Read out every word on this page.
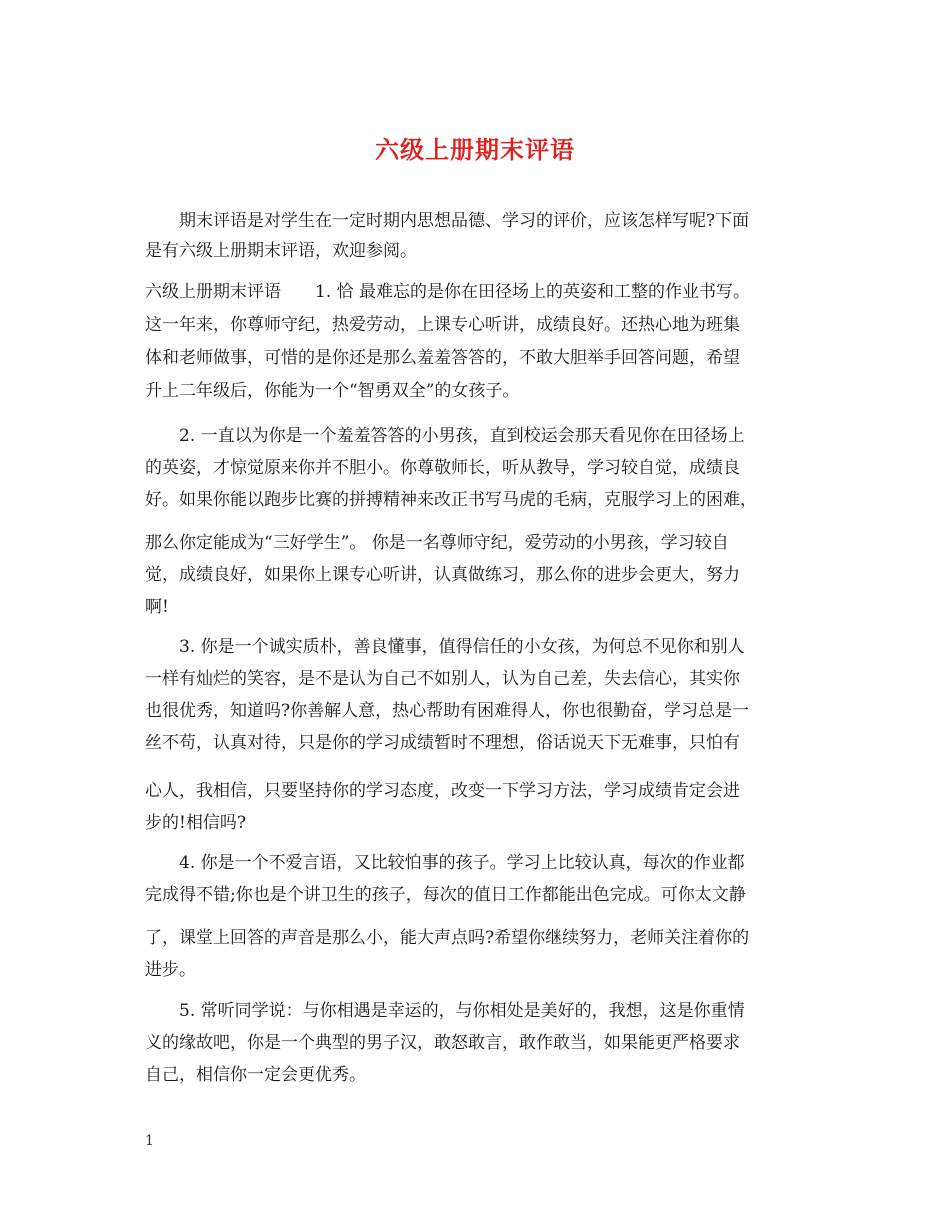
六级上册期末评语
　　期末评语是对学生在一定时期内思想品德、学习的评价，应该怎样写呢?下面
是有六级上册期末评语，欢迎参阅。
六级上册期末评语　　1. 恰 最难忘的是你在田径场上的英姿和工整的作业书写。
这一年来，你尊师守纪，热爱劳动，上课专心听讲，成绩良好。还热心地为班集
体和老师做事，可惜的是你还是那么羞羞答答的，不敢大胆举手回答问题，希望
升上二年级后，你能为一个“智勇双全”的女孩子。
　　2. 一直以为你是一个羞羞答答的小男孩，直到校运会那天看见你在田径场上
的英姿，才惊觉原来你并不胆小。你尊敬师长，听从教导，学习较自觉，成绩良
好。如果你能以跑步比赛的拼搏精神来改正书写马虎的毛病，克服学习上的困难，
那么你定能成为“三好学生”。 你是一名尊师守纪，爱劳动的小男孩，学习较自
觉，成绩良好，如果你上课专心听讲，认真做练习，那么你的进步会更大，努力
啊!
　　3. 你是一个诚实质朴，善良懂事，值得信任的小女孩，为何总不见你和别人
一样有灿烂的笑容，是不是认为自己不如别人，认为自己差，失去信心，其实你
也很优秀，知道吗?你善解人意，热心帮助有困难得人，你也很勤奋，学习总是一
丝不苟，认真对待，只是你的学习成绩暂时不理想，俗话说天下无难事，只怕有
心人，我相信，只要坚持你的学习态度，改变一下学习方法，学习成绩肯定会进
步的!相信吗?
　　4. 你是一个不爱言语，又比较怕事的孩子。学习上比较认真，每次的作业都
完成得不错;你也是个讲卫生的孩子，每次的值日工作都能出色完成。可你太文静
了，课堂上回答的声音是那么小，能大声点吗?希望你继续努力，老师关注着你的
进步。
　　5. 常听同学说：与你相遇是幸运的，与你相处是美好的，我想，这是你重情
义的缘故吧，你是一个典型的男子汉，敢怒敢言，敢作敢当，如果能更严格要求
自己，相信你一定会更优秀。
1
